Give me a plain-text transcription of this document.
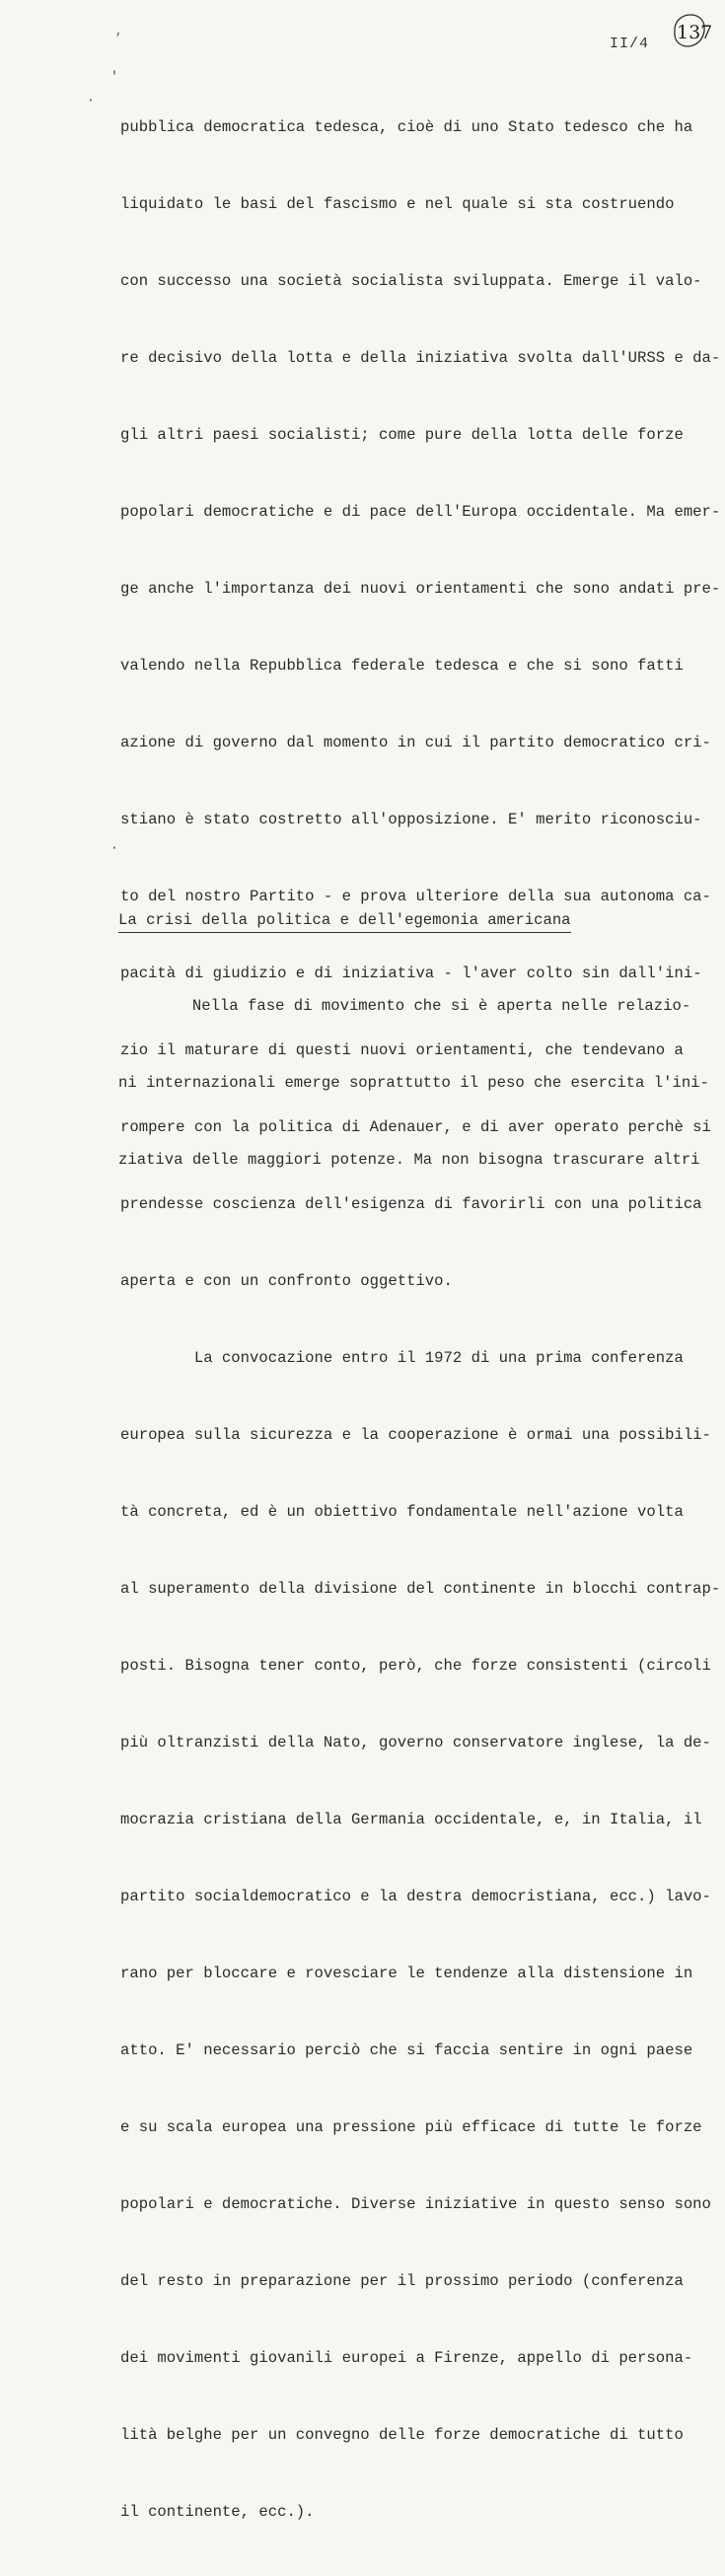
,
II/4
137
'
·
·

pubblica democratica tedesca, cioè di uno Stato tedesco che ha

liquidato le basi del fascismo e nel quale si sta costruendo

con successo una società socialista sviluppata. Emerge il valo-

re decisivo della lotta e della iniziativa svolta dall'URSS e da-

gli altri paesi socialisti; come pure della lotta delle forze

popolari democratiche e di pace dell'Europa occidentale. Ma emer-

ge anche l'importanza dei nuovi orientamenti che sono andati pre-

valendo nella Repubblica federale tedesca e che si sono fatti

azione di governo dal momento in cui il partito democratico cri-

stiano è stato costretto all'opposizione. E' merito riconosciu-

to del nostro Partito - e prova ulteriore della sua autonoma ca-

pacità di giudizio e di iniziativa - l'aver colto sin dall'ini-

zio il maturare di questi nuovi orientamenti, che tendevano a

rompere con la politica di Adenauer, e di aver operato perchè si

prendesse coscienza dell'esigenza di favorirli con una politica

aperta e con un confronto oggettivo.

La convocazione entro il 1972 di una prima conferenza

europea sulla sicurezza e la cooperazione è ormai una possibili-

tà concreta, ed è un obiettivo fondamentale nell'azione volta

al superamento della divisione del continente in blocchi contrap-

posti. Bisogna tener conto, però, che forze consistenti (circoli

più oltranzisti della Nato, governo conservatore inglese, la de-

mocrazia cristiana della Germania occidentale, e, in Italia, il

partito socialdemocratico e la destra democristiana, ecc.) lavo-

rano per bloccare e rovesciare le tendenze alla distensione in

atto. E' necessario perciò che si faccia sentire in ogni paese

e su scala europea una pressione più efficace di tutte le forze

popolari e democratiche. Diverse iniziative in questo senso sono

del resto in preparazione per il prossimo periodo (conferenza

dei movimenti giovanili europei a Firenze, appello di persona-

lità belghe per un convegno delle forze democratiche di tutto

il continente, ecc.).

La crisi della politica e dell'egemonia americana

Nella fase di movimento che si è aperta nelle relazio-

ni internazionali emerge soprattutto il peso che esercita l'ini-

ziativa delle maggiori potenze. Ma non bisogna trascurare altri
